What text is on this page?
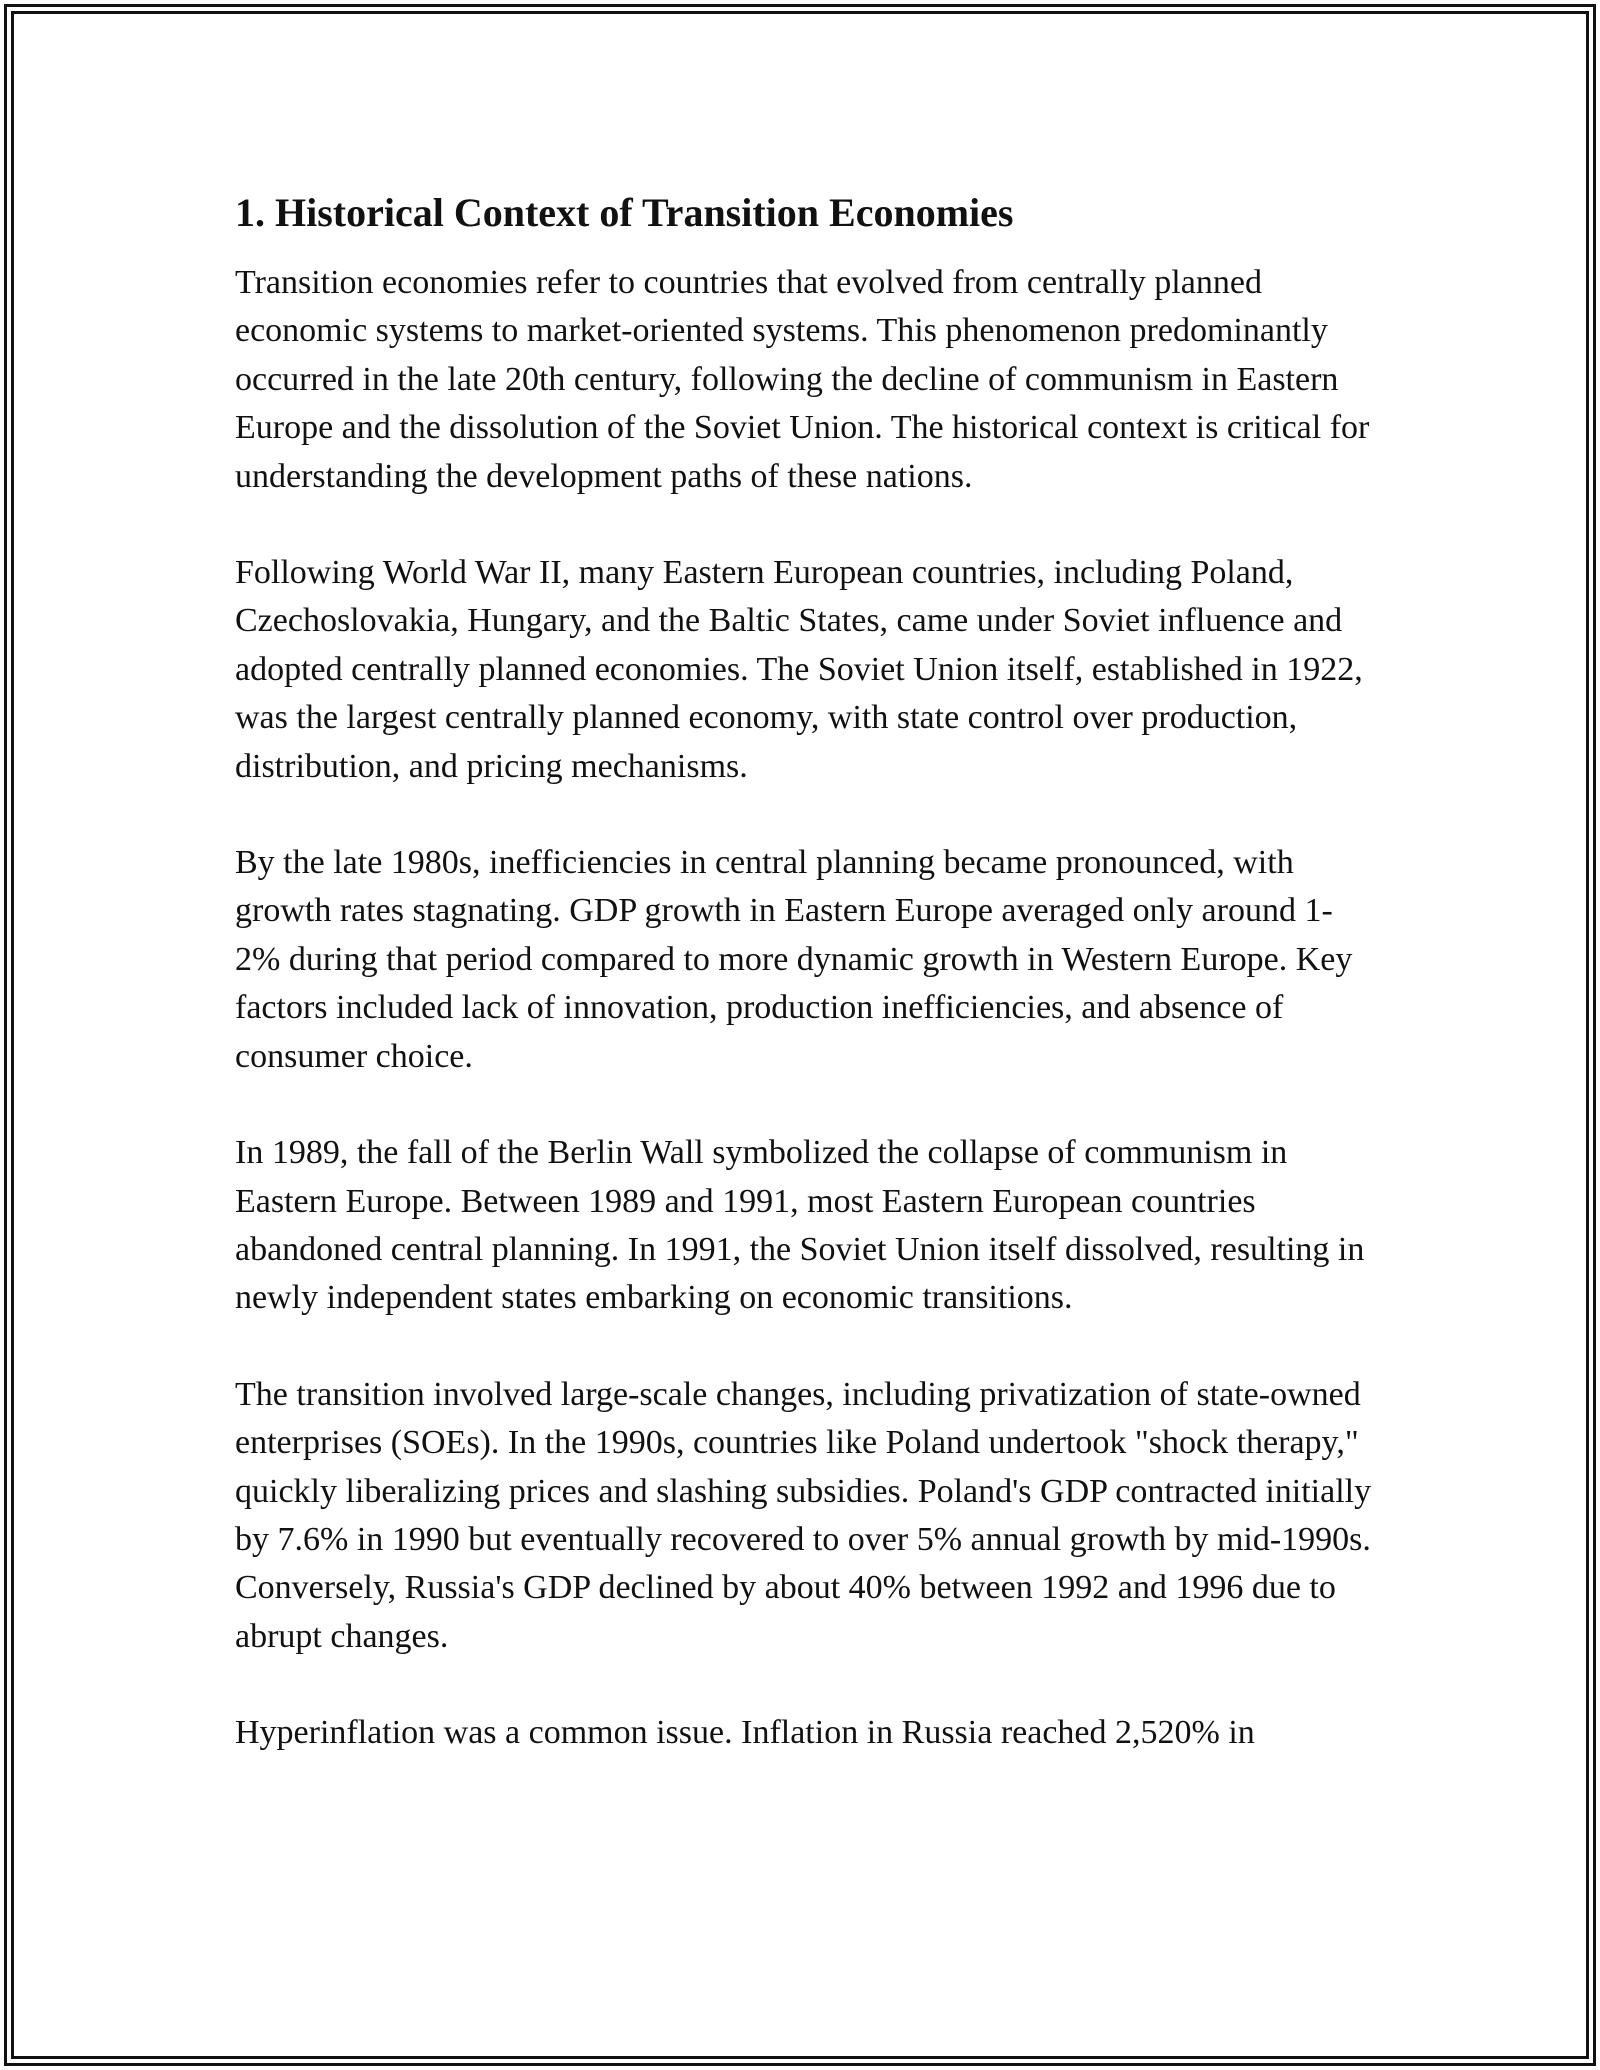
1. Historical Context of Transition Economies

Transition economies refer to countries that evolved from centrally planned economic systems to market-oriented systems. This phenomenon predominantly occurred in the late 20th century, following the decline of communism in Eastern Europe and the dissolution of the Soviet Union. The historical context is critical for understanding the development paths of these nations.

Following World War II, many Eastern European countries, including Poland, Czechoslovakia, Hungary, and the Baltic States, came under Soviet influence and adopted centrally planned economies. The Soviet Union itself, established in 1922, was the largest centrally planned economy, with state control over production, distribution, and pricing mechanisms.

By the late 1980s, inefficiencies in central planning became pronounced, with growth rates stagnating. GDP growth in Eastern Europe averaged only around 1-2% during that period compared to more dynamic growth in Western Europe. Key factors included lack of innovation, production inefficiencies, and absence of consumer choice.

In 1989, the fall of the Berlin Wall symbolized the collapse of communism in Eastern Europe. Between 1989 and 1991, most Eastern European countries abandoned central planning. In 1991, the Soviet Union itself dissolved, resulting in newly independent states embarking on economic transitions.

The transition involved large-scale changes, including privatization of state-owned enterprises (SOEs). In the 1990s, countries like Poland undertook "shock therapy," quickly liberalizing prices and slashing subsidies. Poland's GDP contracted initially by 7.6% in 1990 but eventually recovered to over 5% annual growth by mid-1990s. Conversely, Russia's GDP declined by about 40% between 1992 and 1996 due to abrupt changes.

Hyperinflation was a common issue. Inflation in Russia reached 2,520% in
